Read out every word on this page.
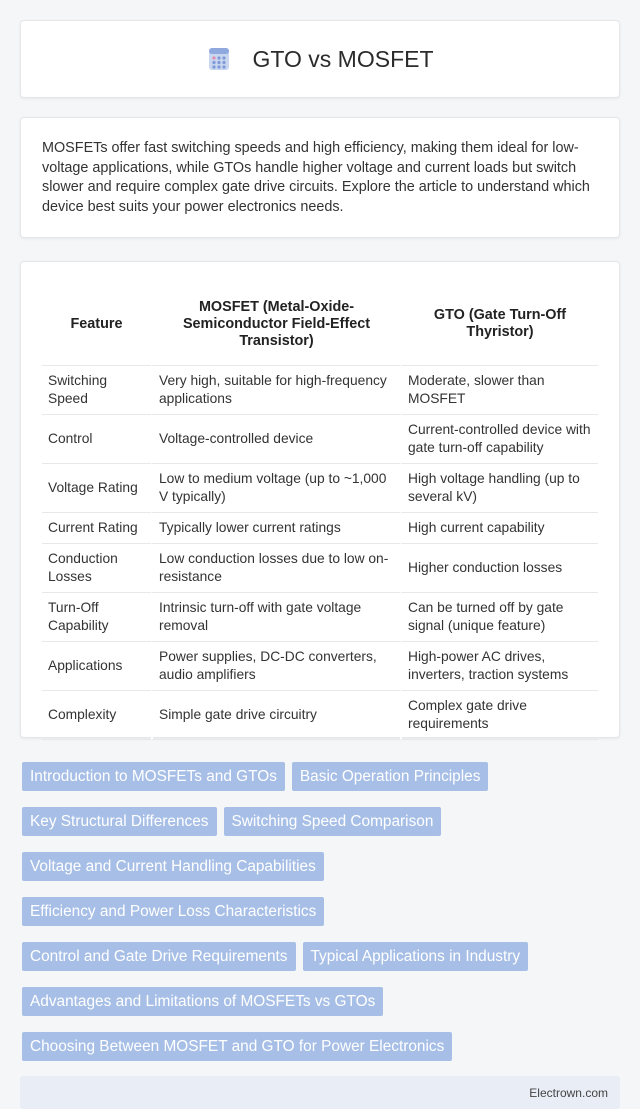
GTO vs MOSFET

MOSFETs offer fast switching speeds and high efficiency, making them ideal for low-voltage applications, while GTOs handle higher voltage and current loads but switch slower and require complex gate drive circuits. Explore the article to understand which device best suits your power electronics needs.

Feature	MOSFET (Metal-Oxide-Semiconductor Field-Effect Transistor)	GTO (Gate Turn-Off Thyristor)
Switching Speed	Very high, suitable for high-frequency applications	Moderate, slower than MOSFET
Control	Voltage-controlled device	Current-controlled device with gate turn-off capability
Voltage Rating	Low to medium voltage (up to ~1,000 V typically)	High voltage handling (up to several kV)
Current Rating	Typically lower current ratings	High current capability
Conduction Losses	Low conduction losses due to low on-resistance	Higher conduction losses
Turn-Off Capability	Intrinsic turn-off with gate voltage removal	Can be turned off by gate signal (unique feature)
Applications	Power supplies, DC-DC converters, audio amplifiers	High-power AC drives, inverters, traction systems
Complexity	Simple gate drive circuitry	Complex gate drive requirements
Introduction to MOSFETs and GTOs	Basic Operation Principles
Key Structural Differences	Switching Speed Comparison
Voltage and Current Handling Capabilities
Efficiency and Power Loss Characteristics
Control and Gate Drive Requirements	Typical Applications in Industry
Advantages and Limitations of MOSFETs vs GTOs
Choosing Between MOSFET and GTO for Power Electronics
Electrown.com
